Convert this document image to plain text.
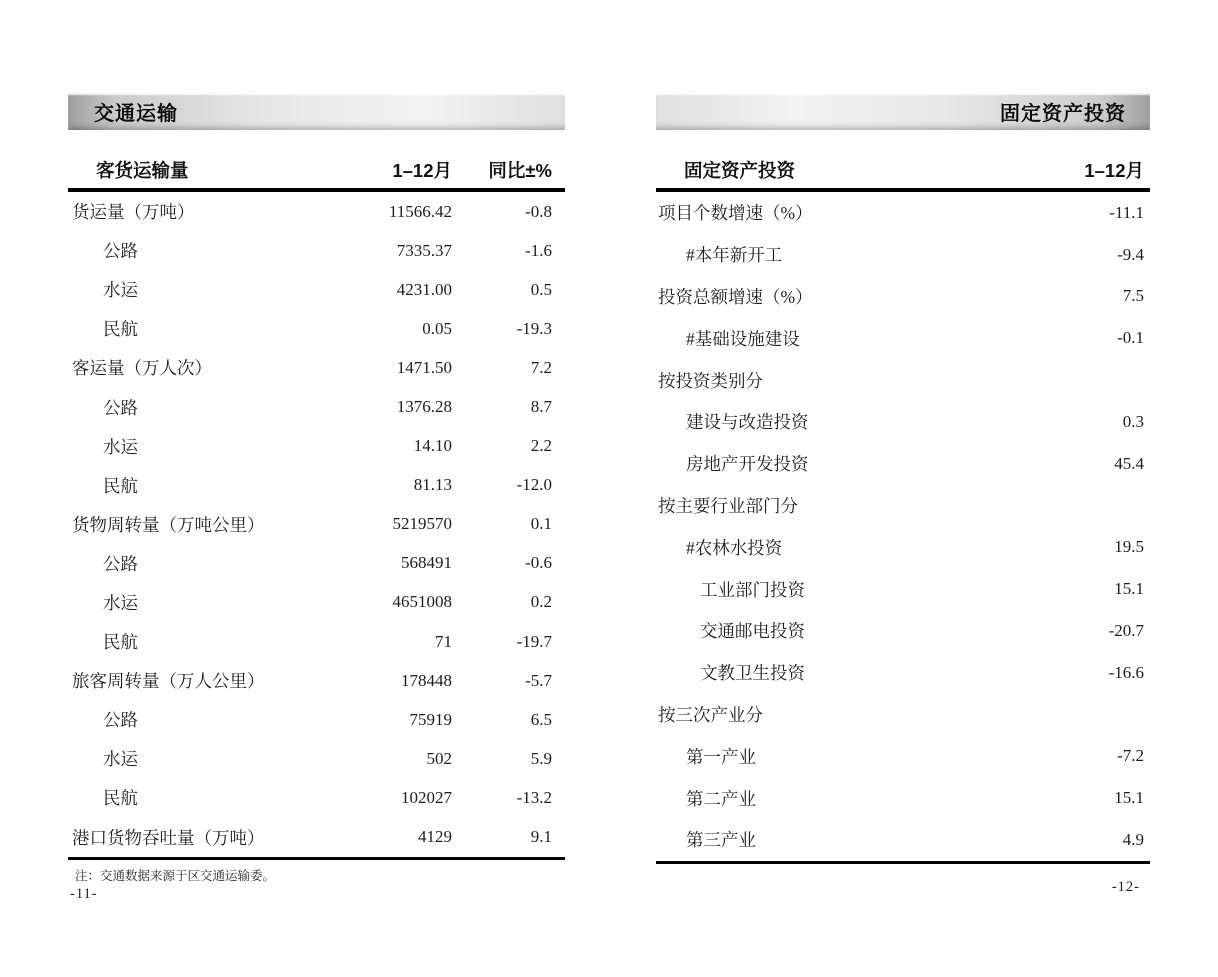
交通运输
客货运输量	1–12月	同比±%
货运量（万吨）	11566.42	-0.8
公路	7335.37	-1.6
水运	4231.00	0.5
民航	0.05	-19.3
客运量（万人次）	1471.50	7.2
公路	1376.28	8.7
水运	14.10	2.2
民航	81.13	-12.0
货物周转量（万吨公里）	5219570	0.1
公路	568491	-0.6
水运	4651008	0.2
民航	71	-19.7
旅客周转量（万人公里）	178448	-5.7
公路	75919	6.5
水运	502	5.9
民航	102027	-13.2
港口货物吞吐量（万吨）	4129	9.1
注：交通数据来源于区交通运输委。
-11-
固定资产投资
固定资产投资	1–12月
项目个数增速（%）	-11.1
#本年新开工	-9.4
投资总额增速（%）	7.5
#基础设施建设	-0.1
按投资类别分
建设与改造投资	0.3
房地产开发投资	45.4
按主要行业部门分
#农林水投资	19.5
工业部门投资	15.1
交通邮电投资	-20.7
文教卫生投资	-16.6
按三次产业分
第一产业	-7.2
第二产业	15.1
第三产业	4.9
-12-
